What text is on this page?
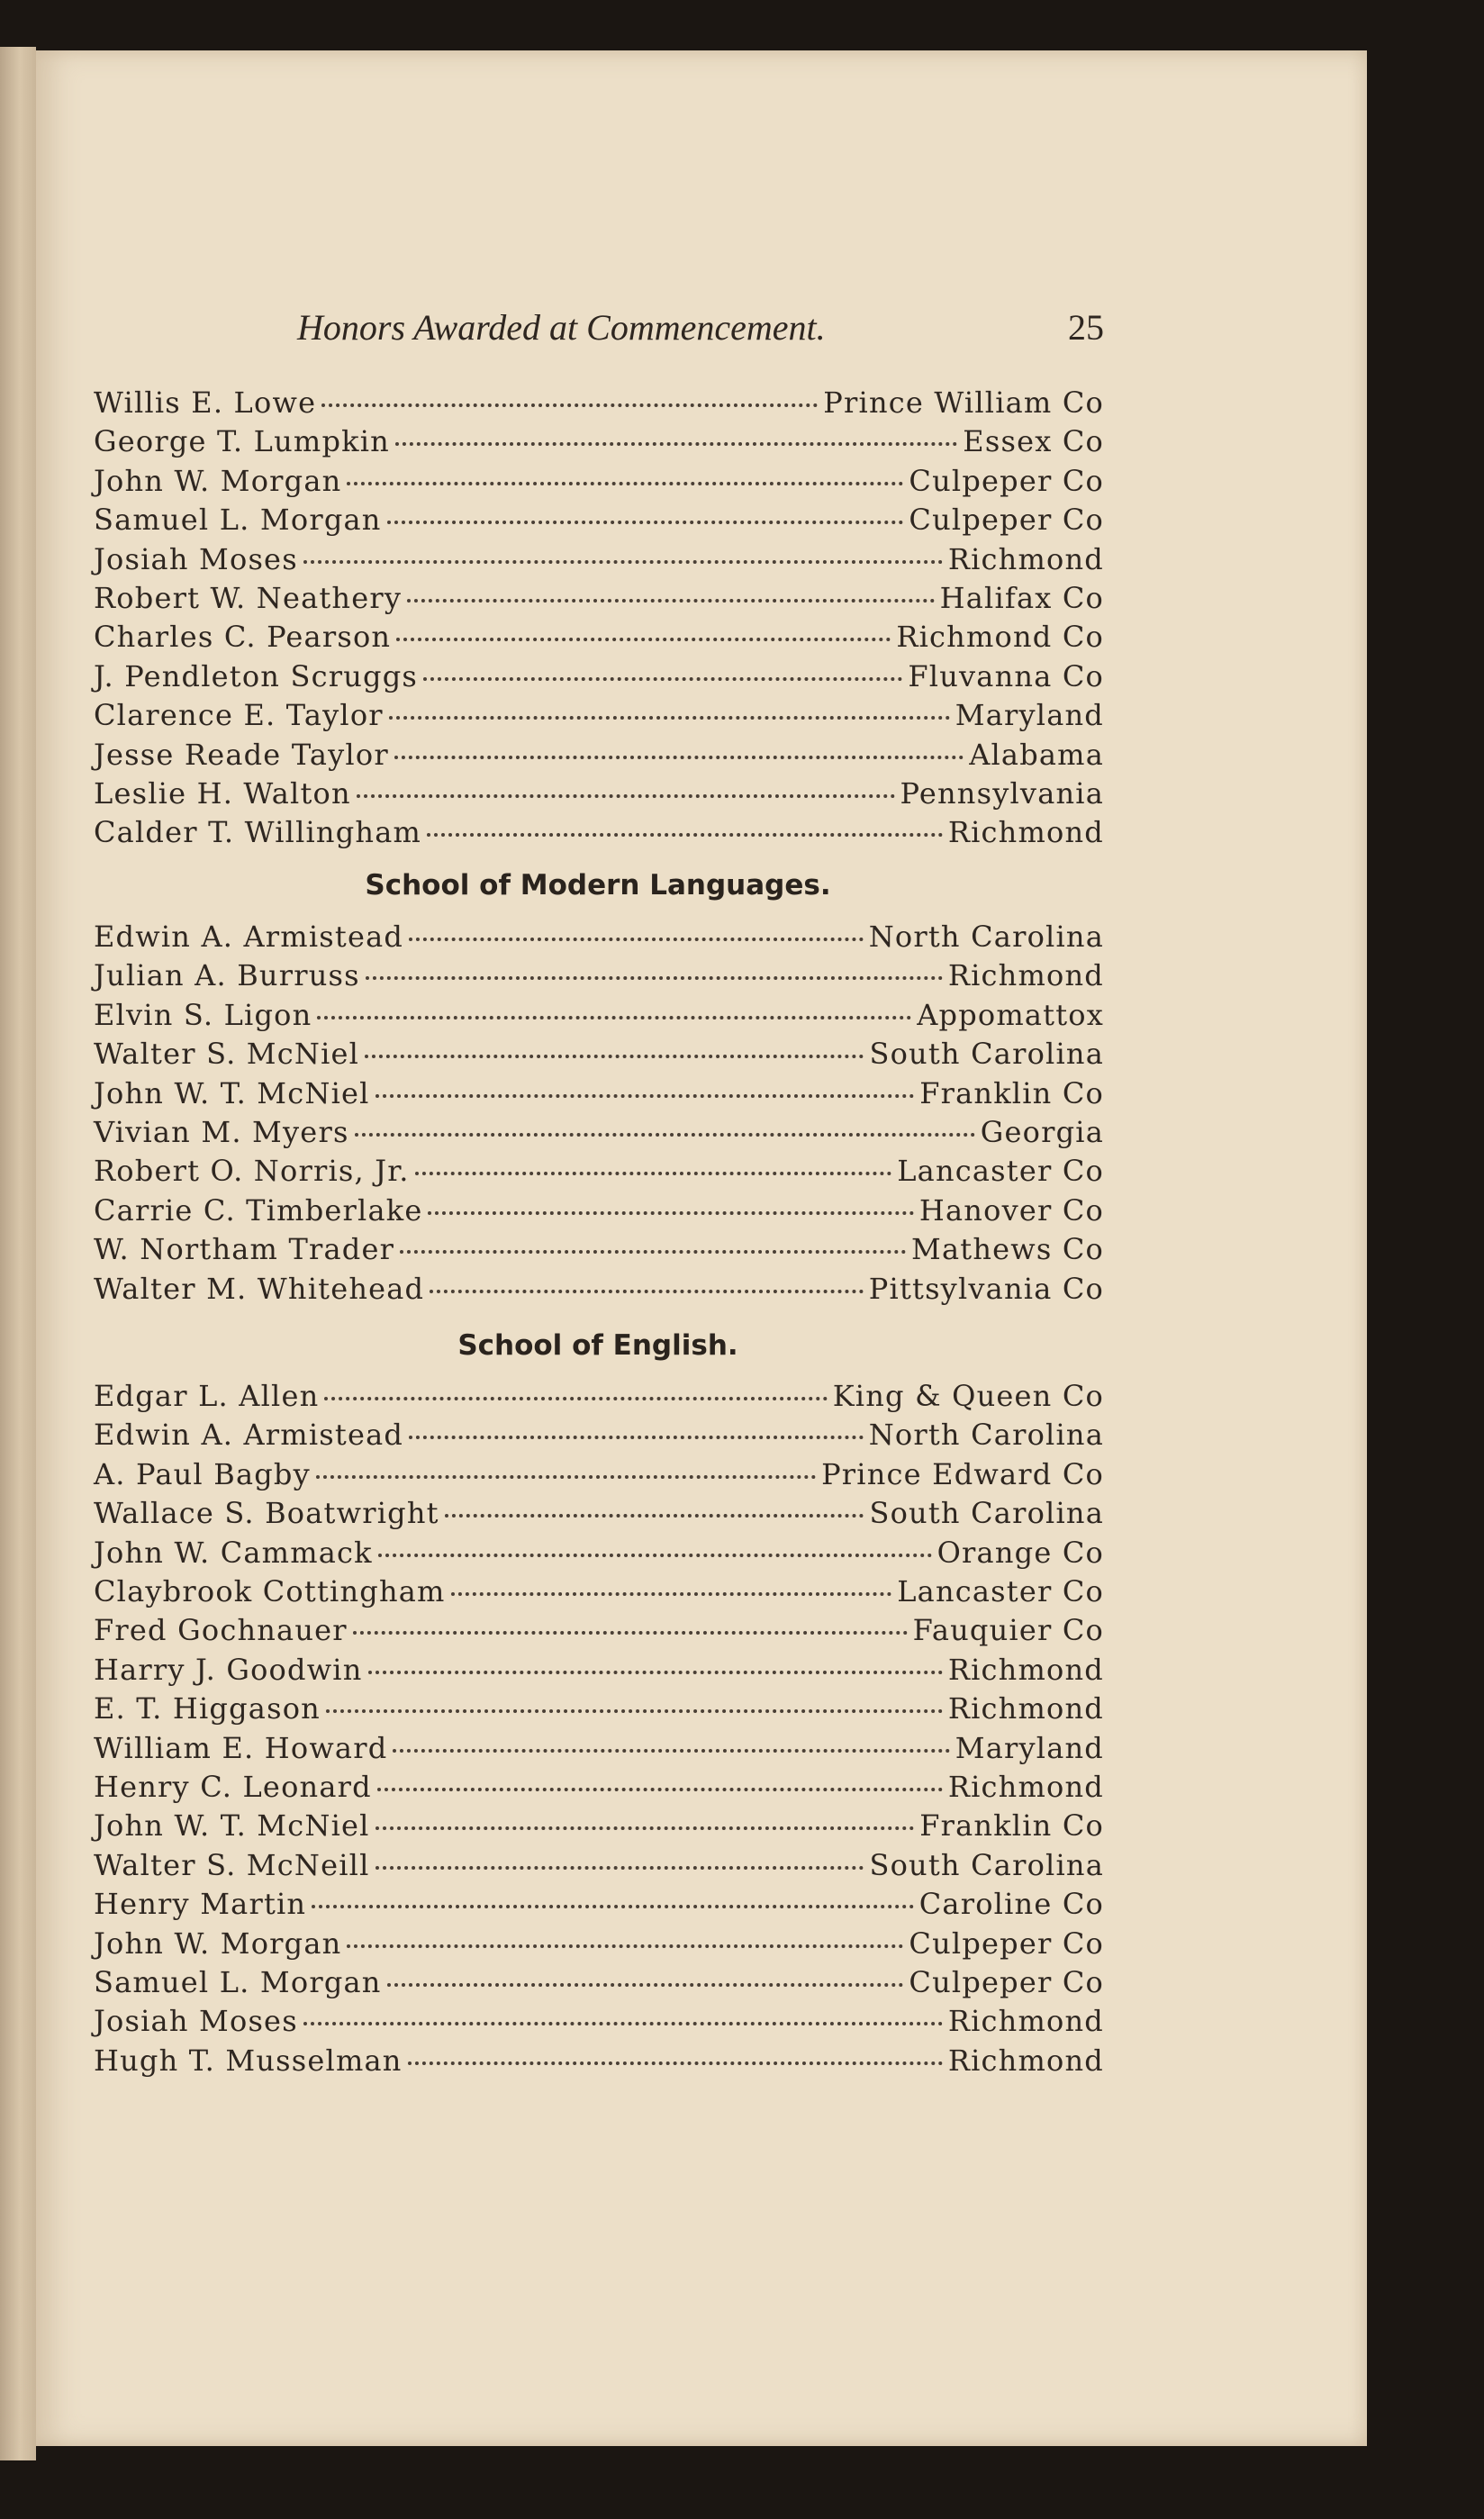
Honors Awarded at Commencement.	25
Willis E. Lowe	Prince William Co
George T. Lumpkin	Essex Co
John W. Morgan	Culpeper Co
Samuel L. Morgan	Culpeper Co
Josiah Moses	Richmond
Robert W. Neathery	Halifax Co
Charles C. Pearson	Richmond Co
J. Pendleton Scruggs	Fluvanna Co
Clarence E. Taylor	Maryland
Jesse Reade Taylor	Alabama
Leslie H. Walton	Pennsylvania
Calder T. Willingham	Richmond
School of Modern Languages.
Edwin A. Armistead	North Carolina
Julian A. Burruss	Richmond
Elvin S. Ligon	Appomattox
Walter S. McNiel	South Carolina
John W. T. McNiel	Franklin Co
Vivian M. Myers	Georgia
Robert O. Norris, Jr.	Lancaster Co
Carrie C. Timberlake	Hanover Co
W. Northam Trader	Mathews Co
Walter M. Whitehead	Pittsylvania Co
School of English.
Edgar L. Allen	King & Queen Co
Edwin A. Armistead	North Carolina
A. Paul Bagby	Prince Edward Co
Wallace S. Boatwright	South Carolina
John W. Cammack	Orange Co
Claybrook Cottingham	Lancaster Co
Fred Gochnauer	Fauquier Co
Harry J. Goodwin	Richmond
E. T. Higgason	Richmond
William E. Howard	Maryland
Henry C. Leonard	Richmond
John W. T. McNiel	Franklin Co
Walter S. McNeill	South Carolina
Henry Martin	Caroline Co
John W. Morgan	Culpeper Co
Samuel L. Morgan	Culpeper Co
Josiah Moses	Richmond
Hugh T. Musselman	Richmond
